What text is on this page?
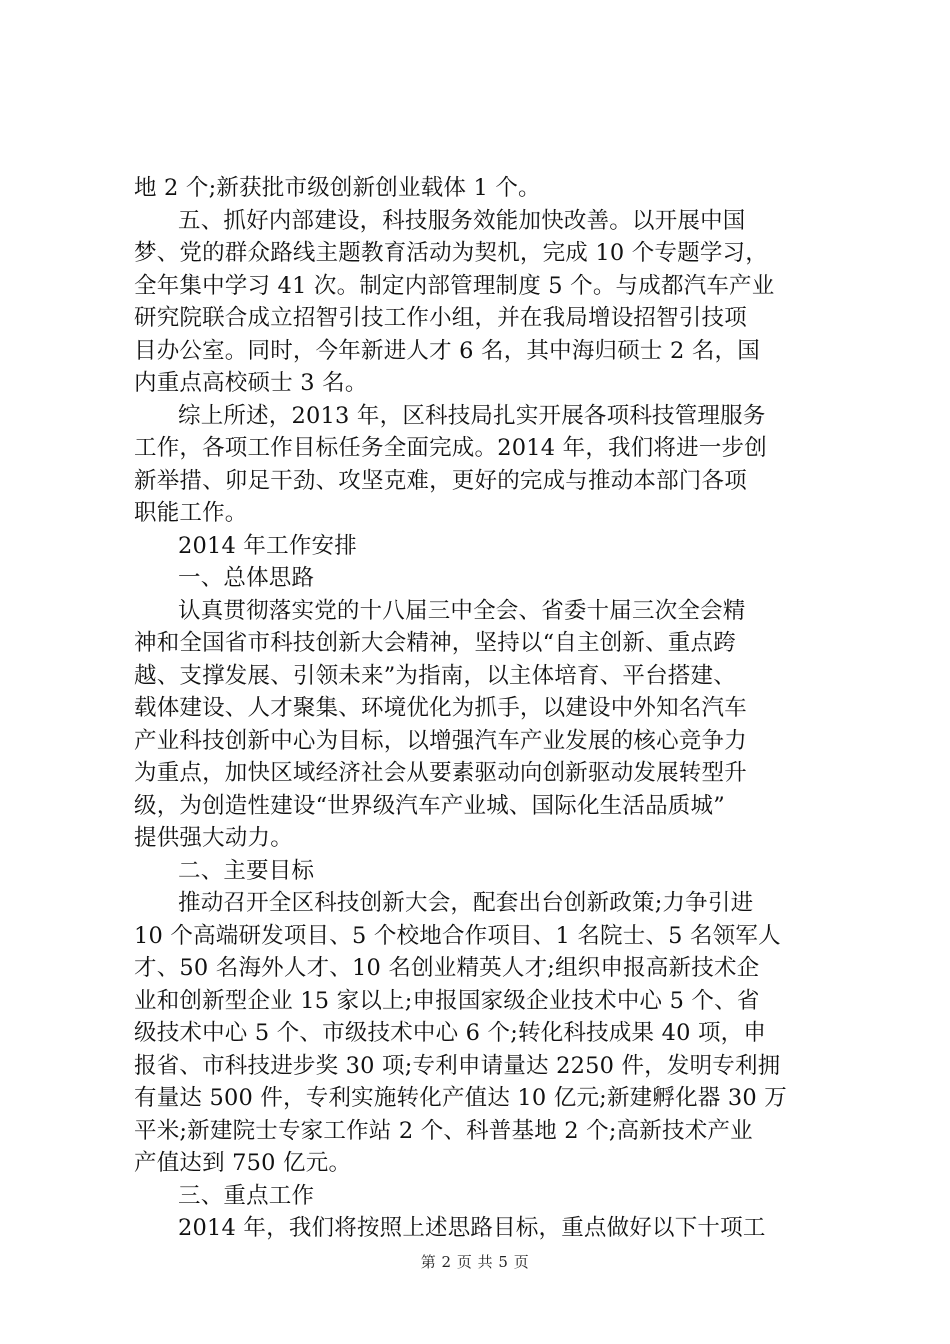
地 2 个;新获批市级创新创业载体 1 个。
五、抓好内部建设，科技服务效能加快改善。以开展中国
梦、党的群众路线主题教育活动为契机，完成 10 个专题学习，
全年集中学习 41 次。制定内部管理制度 5 个。与成都汽车产业
研究院联合成立招智引技工作小组，并在我局增设招智引技项
目办公室。同时，今年新进人才 6 名，其中海归硕士 2 名，国
内重点高校硕士 3 名。
综上所述，2013 年，区科技局扎实开展各项科技管理服务
工作，各项工作目标任务全面完成。2014 年，我们将进一步创
新举措、卯足干劲、攻坚克难，更好的完成与推动本部门各项
职能工作。
2014 年工作安排
一、总体思路
认真贯彻落实党的十八届三中全会、省委十届三次全会精
神和全国省市科技创新大会精神，坚持以“自主创新、重点跨
越、支撑发展、引领未来”为指南，以主体培育、平台搭建、
载体建设、人才聚集、环境优化为抓手，以建设中外知名汽车
产业科技创新中心为目标，以增强汽车产业发展的核心竞争力
为重点，加快区域经济社会从要素驱动向创新驱动发展转型升
级，为创造性建设“世界级汽车产业城、国际化生活品质城”
提供强大动力。
二、主要目标
推动召开全区科技创新大会，配套出台创新政策;力争引进
10 个高端研发项目、5 个校地合作项目、1 名院士、5 名领军人
才、50 名海外人才、10 名创业精英人才;组织申报高新技术企
业和创新型企业 15 家以上;申报国家级企业技术中心 5 个、省
级技术中心 5 个、市级技术中心 6 个;转化科技成果 40 项，申
报省、市科技进步奖 30 项;专利申请量达 2250 件，发明专利拥
有量达 500 件，专利实施转化产值达 10 亿元;新建孵化器 30 万
平米;新建院士专家工作站 2 个、科普基地 2 个;高新技术产业
产值达到 750 亿元。
三、重点工作
2014 年，我们将按照上述思路目标，重点做好以下十项工
第 2 页 共 5 页
